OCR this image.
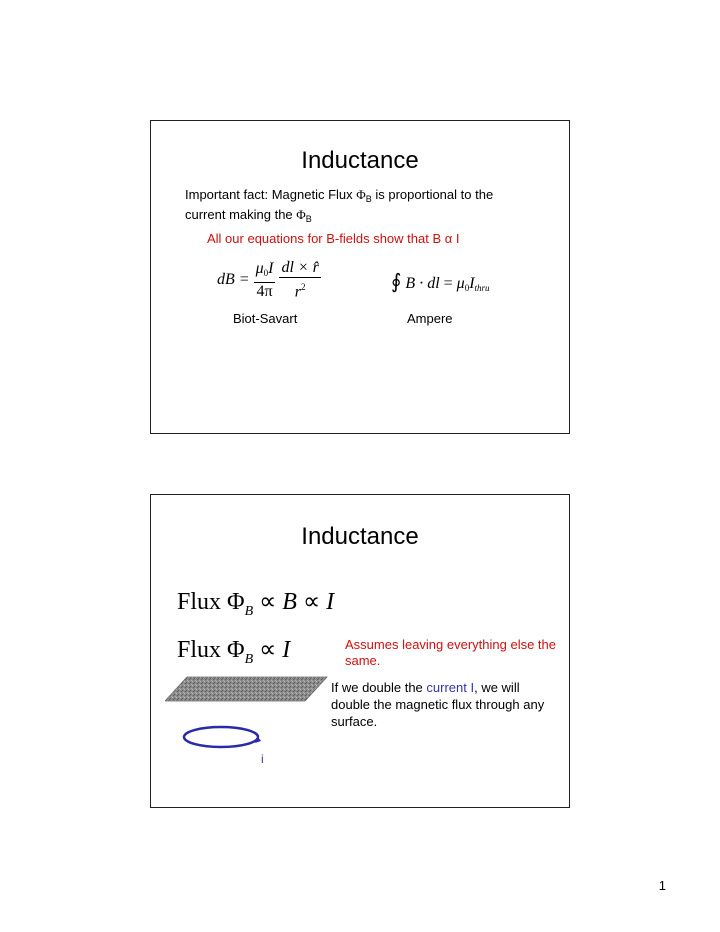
Inductance
Important fact: Magnetic Flux $\Phi_B$ is proportional to the
current making the $\Phi_B$
All our equations for B-fields show that B α I
dB = $\frac{\mu_0I}{4\pi}$
$\frac{dl \times r̂}{r^2}$	∮ B · dl = $\mu_0I_{thru}$
Biot-Savart	Ampere
Inductance
Flux $\Phi_B \propto B \propto I$
Flux $\Phi_B \propto I$	Assumes leaving everything else the same.
i
If we double the current I, we will double the magnetic flux through any surface.
1
